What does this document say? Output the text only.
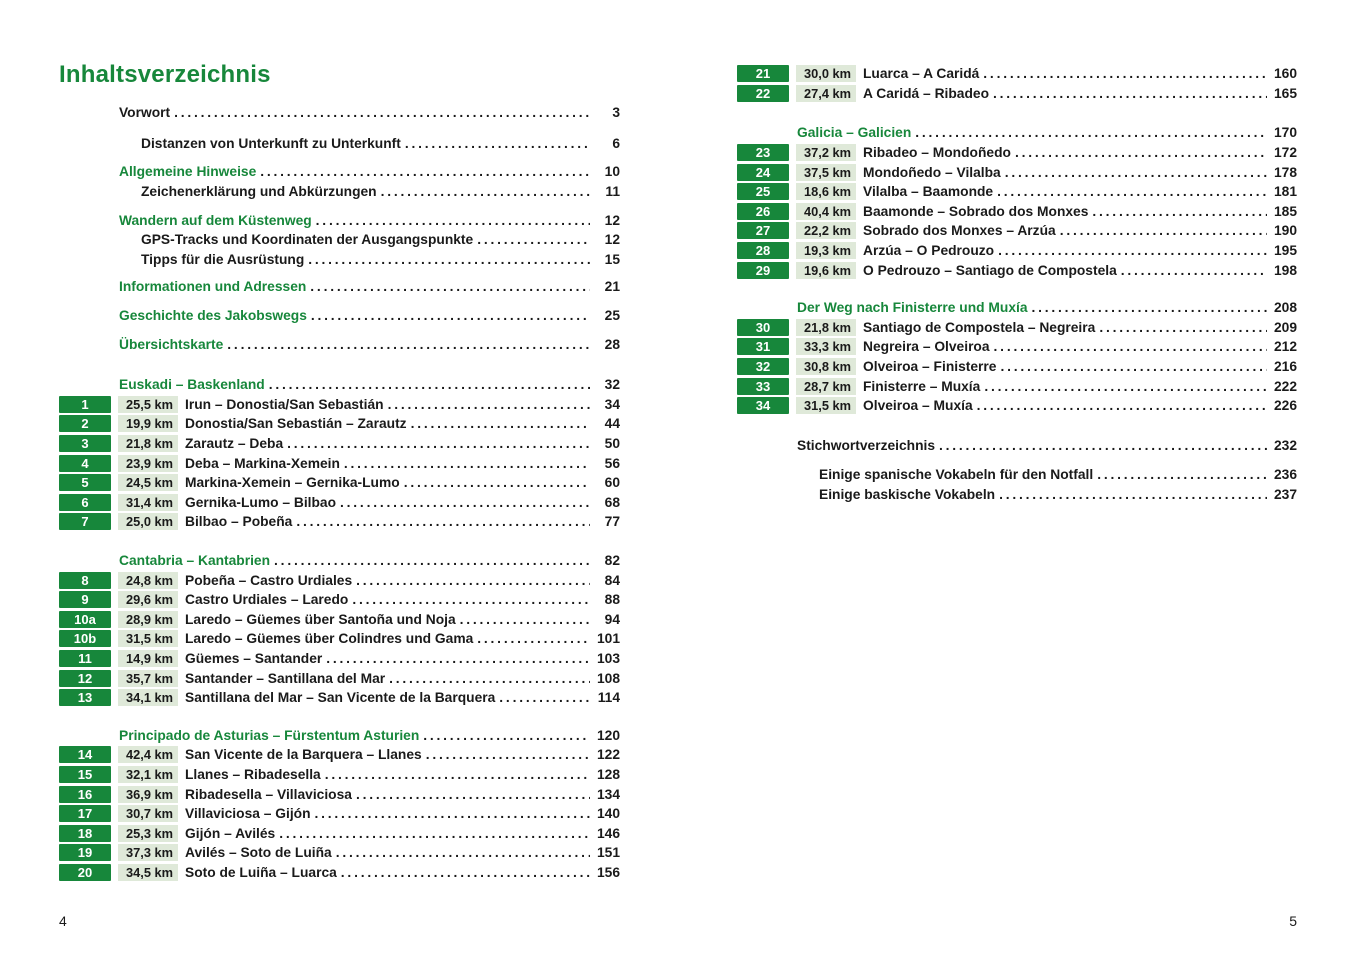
Inhaltsverzeichnis
Vorwort .....	3
Distanzen von Unterkunft zu Unterkunft .....	6
Allgemeine Hinweise .....	10
Zeichenerklärung und Abkürzungen .....	11
Wandern auf dem Küstenweg .....	12
GPS-Tracks und Koordinaten der Ausgangspunkte .....	12
Tipps für die Ausrüstung .....	15
Informationen und Adressen .....	21
Geschichte des Jakobswegs .....	25
Übersichtskarte .....	28
Euskadi – Baskenland .....	32
1	25,5 km Irun – Donostia/San Sebastián .....	34
2	19,9 km Donostia/San Sebastián – Zarautz .....	44
3	21,8 km Zarautz – Deba .....	50
4	23,9 km Deba – Markina-Xemein .....	56
5	24,5 km Markina-Xemein – Gernika-Lumo .....	60
6	31,4 km Gernika-Lumo – Bilbao .....	68
7	25,0 km Bilbao – Pobeña .....	77
Cantabria – Kantabrien .....	82
8	24,8 km Pobeña – Castro Urdiales .....	84
9	29,6 km Castro Urdiales – Laredo .....	88
10a	28,9 km Laredo – Güemes über Santoña und Noja .....	94
10b	31,5 km Laredo – Güemes über Colindres und Gama .....	101
11	14,9 km Güemes – Santander .....	103
12	35,7 km Santander – Santillana del Mar .....	108
13	34,1 km Santillana del Mar – San Vicente de la Barquera .....	114
Principado de Asturias – Fürstentum Asturien .....	120
14	42,4 km San Vicente de la Barquera – Llanes .....	122
15	32,1 km Llanes – Ribadesella .....	128
16	36,9 km Ribadesella – Villaviciosa .....	134
17	30,7 km Villaviciosa – Gijón .....	140
18	25,3 km Gijón – Avilés .....	146
19	37,3 km Avilés – Soto de Luiña .....	151
20	34,5 km Soto de Luiña – Luarca .....	156
21	30,0 km Luarca – A Caridá .....	160
22	27,4 km A Caridá – Ribadeo .....	165
Galicia – Galicien .....	170
23	37,2 km Ribadeo – Mondoñedo .....	172
24	37,5 km Mondoñedo – Vilalba .....	178
25	18,6 km Vilalba – Baamonde .....	181
26	40,4 km Baamonde – Sobrado dos Monxes .....	185
27	22,2 km Sobrado dos Monxes – Arzúa .....	190
28	19,3 km Arzúa – O Pedrouzo .....	195
29	19,6 km O Pedrouzo – Santiago de Compostela .....	198
Der Weg nach Finisterre und Muxía .....	208
30	21,8 km Santiago de Compostela – Negreira .....	209
31	33,3 km Negreira – Olveiroa .....	212
32	30,8 km Olveiroa – Finisterre .....	216
33	28,7 km Finisterre – Muxía .....	222
34	31,5 km Olveiroa – Muxía .....	226
Stichwortverzeichnis .....	232
Einige spanische Vokabeln für den Notfall .....	236
Einige baskische Vokabeln .....	237
4	5
